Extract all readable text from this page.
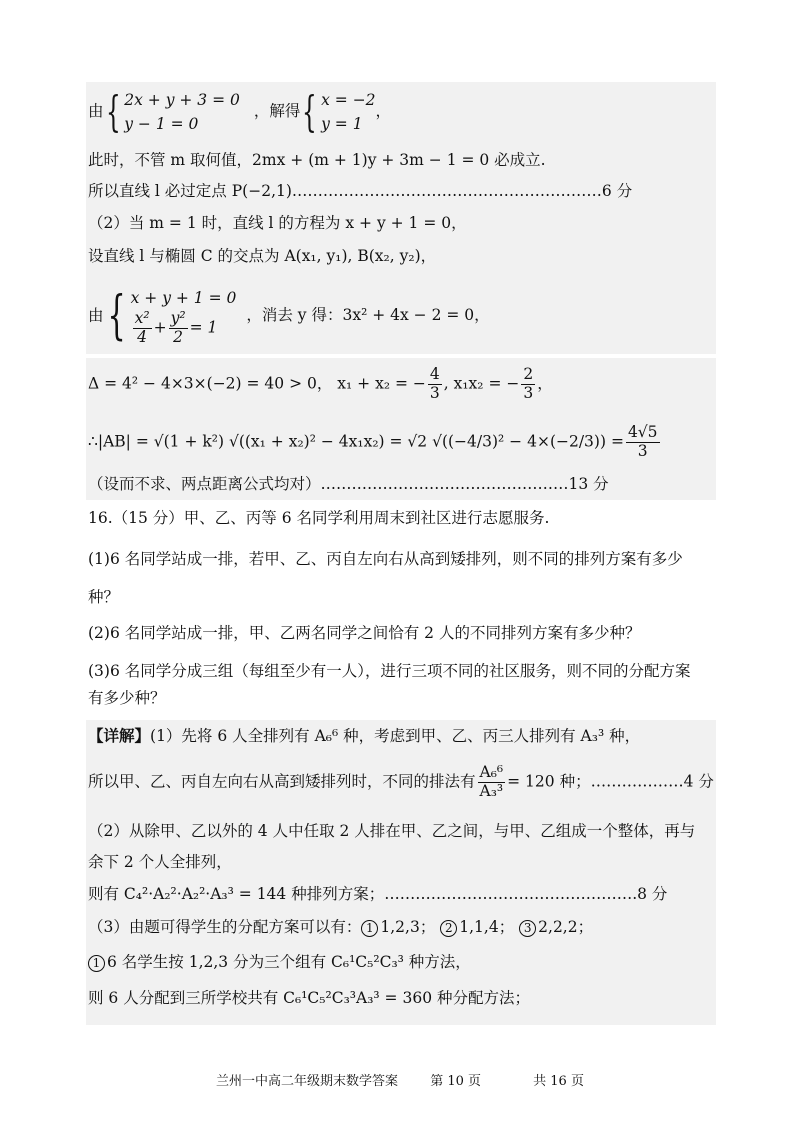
由{ 2x + y + 3 = 0
y − 1 = 0，解得{ x = −2
y = 1，
此时，不管 m 取何值，2mx + (m + 1)y + 3m − 1 = 0 必成立.
所以直线 l 必过定点 P(−2,1)……………………………………………………6 分
（2）当 m = 1 时，直线 l 的方程为 x + y + 1 = 0，
设直线 l 与椭圆 C 的交点为 A(x₁, y₁), B(x₂, y₂)，
由{ x + y + 1 = 0

$\frac{\text{x²}}{4} + \frac{\text{y²}}{2} = 1$，消去 y 得：3x² + 4x − 2 = 0，
Δ = 4² − 4×3×(−2) = 40 > 0， x₁ + x₂ = − $\frac{4}{3}$ , x₁x₂ = − $\frac{2}{3}$ ，
∴|AB| = √(1 + k²) √((x₁ + x₂)² − 4x₁x₂) = √2 $√((-4/3)^2 - 4\times(-2/3)) = \frac{4√5}{3}$
（设而不求、两点距离公式均对）…………………………………………13 分
16.（15 分）甲、乙、丙等 6 名同学利用周末到社区进行志愿服务.
(1)6 名同学站成一排，若甲、乙、丙自左向右从高到矮排列，则不同的排列方案有多少
种？
(2)6 名同学站成一排，甲、乙两名同学之间恰有 2 人的不同排列方案有多少种？
(3)6 名同学分成三组（每组至少有一人），进行三项不同的社区服务，则不同的分配方案
有多少种？
【详解】(1）先将 6 人全排列有 A₆⁶ 种，考虑到甲、乙、丙三人排列有 A₃³ 种，
所以甲、乙、丙自左向右从高到矮排列时，不同的排法有 $\frac{\text{A₆⁶}}{\text{A₃³}} = 120$ 种；………………4 分
（2）从除甲、乙以外的 4 人中任取 2 人排在甲、乙之间，与甲、乙组成一个整体，再与
余下 2 个人全排列，
则有 C₄²·A₂²·A₂²·A₃³ = 144 种排列方案；………………………………………….8 分
（3）由题可得学生的分配方案可以有： 1 1,2,3； 2 1,1,4； 3 2,2,2；
1 6 名学生按 1,2,3 分为三个组有 C₆¹C₅²C₃³ 种方法，
则 6 人分配到三所学校共有 C₆¹C₅²C₃³A₃³ = 360 种分配方法；
兰州一中高二年级期末数学答案 第 10 页	共 16 页
